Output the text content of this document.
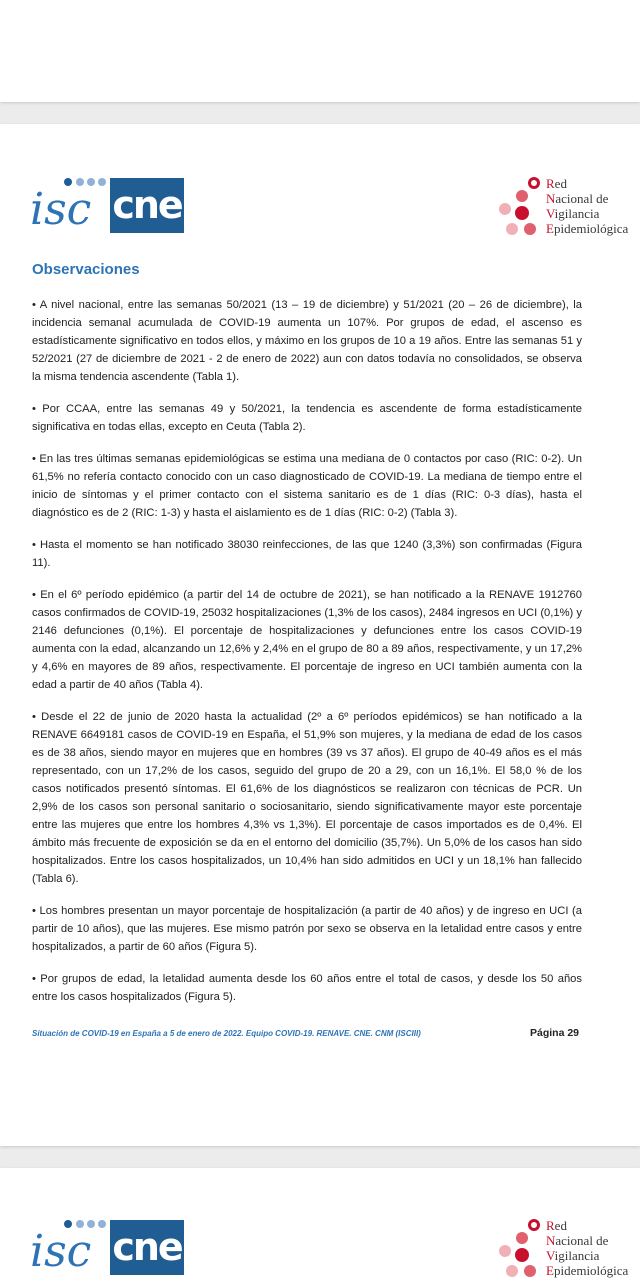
isc cne	Red
Nacional de
Vigilancia
Epidemiológica
Observaciones

• A nivel nacional, entre las semanas 50/2021 (13 – 19 de diciembre) y 51/2021 (20 – 26 de diciembre), la incidencia semanal acumulada de COVID-19 aumenta un 107%. Por grupos de edad, el ascenso es estadísticamente significativo en todos ellos, y máximo en los grupos de 10 a 19 años. Entre las semanas 51 y 52/2021 (27 de diciembre de 2021 - 2 de enero de 2022) aun con datos todavía no consolidados, se observa la misma tendencia ascendente (Tabla 1).

• Por CCAA, entre las semanas 49 y 50/2021, la tendencia es ascendente de forma estadísticamente significativa en todas ellas, excepto en Ceuta (Tabla 2).

• En las tres últimas semanas epidemiológicas se estima una mediana de 0 contactos por caso (RIC: 0-2). Un 61,5% no refería contacto conocido con un caso diagnosticado de COVID-19. La mediana de tiempo entre el inicio de síntomas y el primer contacto con el sistema sanitario es de 1 días (RIC: 0-3 días), hasta el diagnóstico es de 2 (RIC: 1-3) y hasta el aislamiento es de 1 días (RIC: 0-2) (Tabla 3).

• Hasta el momento se han notificado 38030 reinfecciones, de las que 1240 (3,3%) son confirmadas (Figura 11).

• En el 6º período epidémico (a partir del 14 de octubre de 2021), se han notificado a la RENAVE 1912760 casos confirmados de COVID-19, 25032 hospitalizaciones (1,3% de los casos), 2484 ingresos en UCI (0,1%) y 2146 defunciones (0,1%). El porcentaje de hospitalizaciones y defunciones entre los casos COVID-19 aumenta con la edad, alcanzando un 12,6% y 2,4% en el grupo de 80 a 89 años, respectivamente, y un 17,2% y 4,6% en mayores de 89 años, respectivamente. El porcentaje de ingreso en UCI también aumenta con la edad a partir de 40 años (Tabla 4).

• Desde el 22 de junio de 2020 hasta la actualidad (2º a 6º períodos epidémicos) se han notificado a la RENAVE 6649181 casos de COVID-19 en España, el 51,9% son mujeres, y la mediana de edad de los casos es de 38 años, siendo mayor en mujeres que en hombres (39 vs 37 años). El grupo de 40-49 años es el más representado, con un 17,2% de los casos, seguido del grupo de 20 a 29, con un 16,1%. El 58,0 % de los casos notificados presentó síntomas. El 61,6% de los diagnósticos se realizaron con técnicas de PCR. Un 2,9% de los casos son personal sanitario o sociosanitario, siendo significativamente mayor este porcentaje entre las mujeres que entre los hombres 4,3% vs 1,3%). El porcentaje de casos importados es de 0,4%. El ámbito más frecuente de exposición se da en el entorno del domicilio (35,7%). Un 5,0% de los casos han sido hospitalizados. Entre los casos hospitalizados, un 10,4% han sido admitidos en UCI y un 18,1% han fallecido (Tabla 6).

• Los hombres presentan un mayor porcentaje de hospitalización (a partir de 40 años) y de ingreso en UCI (a partir de 10 años), que las mujeres. Ese mismo patrón por sexo se observa en la letalidad entre casos y entre hospitalizados, a partir de 60 años (Figura 5).

• Por grupos de edad, la letalidad aumenta desde los 60 años entre el total de casos, y desde los 50 años entre los casos hospitalizados (Figura 5).

Situación de COVID-19 en España a 5 de enero de 2022. Equipo COVID-19. RENAVE. CNE. CNM (ISCIII)	Página 29
isc cne	Red
Nacional de
Vigilancia
Epidemiológica
